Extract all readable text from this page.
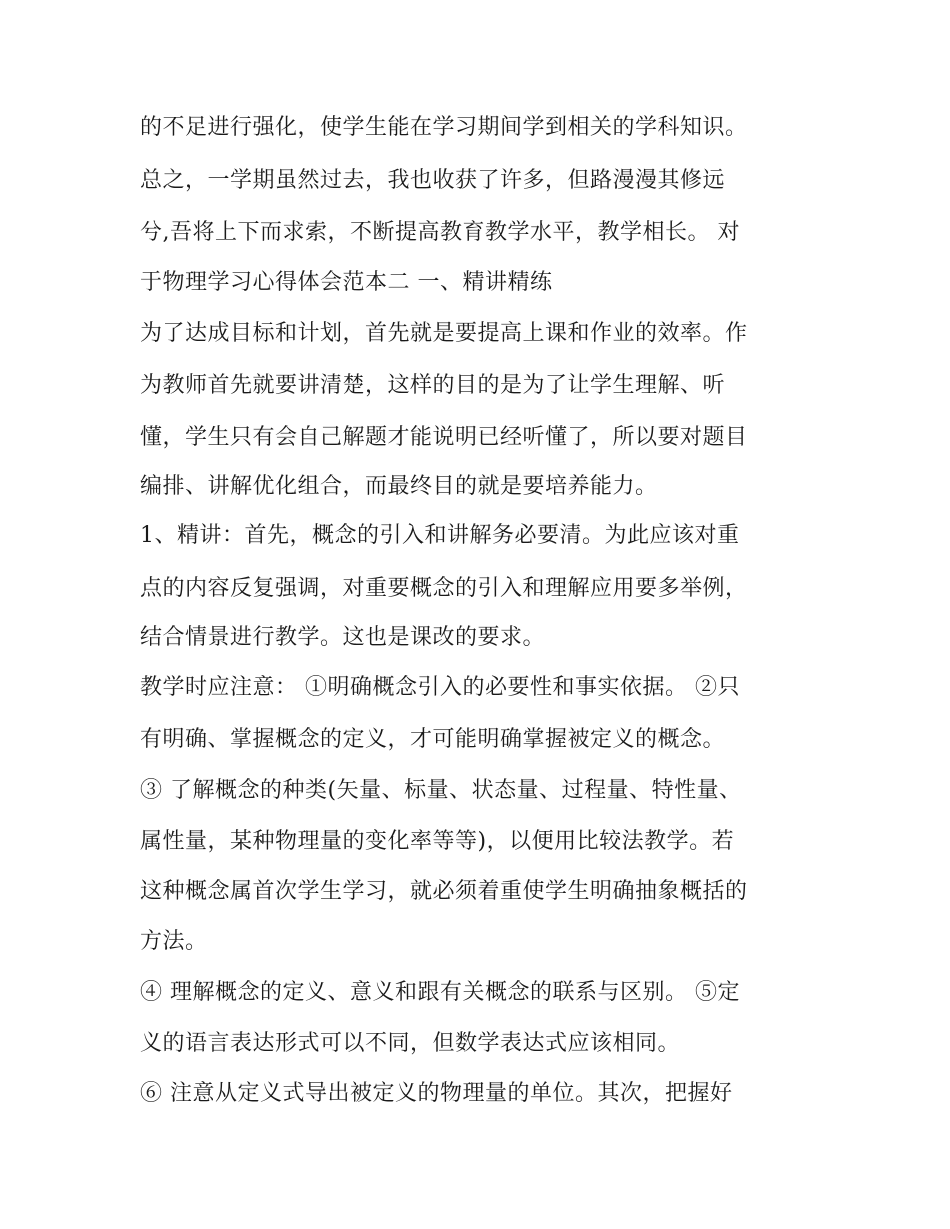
的不足进行强化，使学生能在学习期间学到相关的学科知识。
总之，一学期虽然过去，我也收获了许多，但路漫漫其修远
兮,吾将上下而求索，不断提高教育教学水平，教学相长。 对
于物理学习心得体会范本二 一、精讲精练
为了达成目标和计划，首先就是要提高上课和作业的效率。作
为教师首先就要讲清楚，这样的目的是为了让学生理解、听
懂，学生只有会自己解题才能说明已经听懂了，所以要对题目
编排、讲解优化组合，而最终目的就是要培养能力。
1、精讲：首先，概念的引入和讲解务必要清。为此应该对重
点的内容反复强调，对重要概念的引入和理解应用要多举例，
结合情景进行教学。这也是课改的要求。
教学时应注意： ①明确概念引入的必要性和事实依据。 ②只
有明确、掌握概念的定义，才可能明确掌握被定义的概念。
③ 了解概念的种类(矢量、标量、状态量、过程量、特性量、
属性量，某种物理量的变化率等等)，以便用比较法教学。若
这种概念属首次学生学习，就必须着重使学生明确抽象概括的
方法。
④ 理解概念的定义、意义和跟有关概念的联系与区别。 ⑤定
义的语言表达形式可以不同，但数学表达式应该相同。
⑥ 注意从定义式导出被定义的物理量的单位。其次，把握好
